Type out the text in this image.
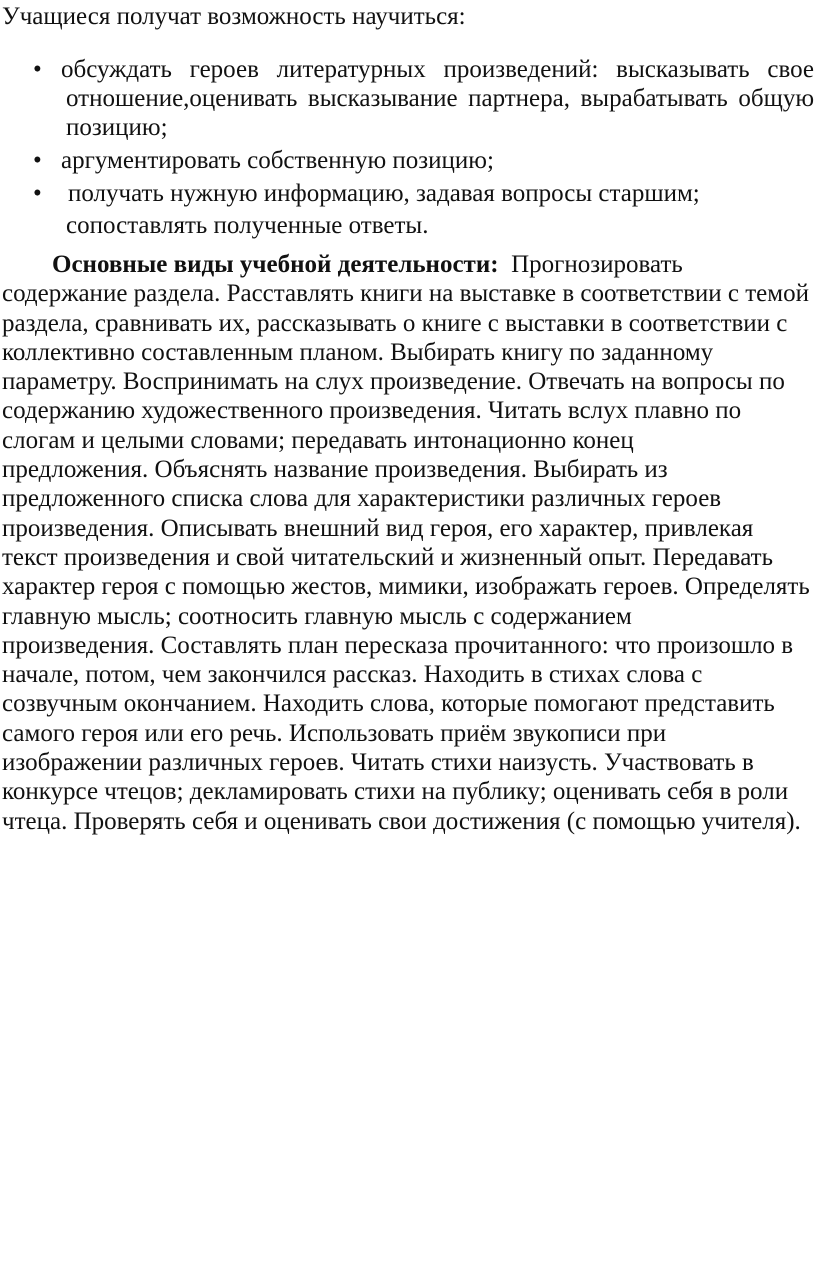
Учащиеся получат возможность научиться:

• обсуждать героев литературных произведений: высказывать свое
отношение,оценивать высказывание партнера, вырабатывать общую
позицию;
• аргументировать собственную позицию;
• получать нужную информацию, задавая вопросы старшим;
сопоставлять полученные ответы.
Основные виды учебной деятельности: Прогнозировать
содержание раздела. Расставлять книги на выставке в соответствии с темой
раздела, сравнивать их, рассказывать о книге с выставки в соответствии с
коллективно составленным планом. Выбирать книгу по заданному
параметру. Воспринимать на слух произведение. Отвечать на вопросы по
содержанию художественного произведения. Читать вслух плавно по
слогам и целыми словами; передавать интонационно конец
предложения. Объяснять название произведения. Выбирать из
предложенного списка слова для характеристики различных героев
произведения. Описывать внешний вид героя, его характер, привлекая
текст произведения и свой читательский и жизненный опыт. Передавать
характер героя с помощью жестов, мимики, изображать героев. Определять
главную мысль; соотносить главную мысль с содержанием
произведения. Составлять план пересказа прочитанного: что произошло в
начале, потом, чем закончился рассказ. Находить в стихах слова с
созвучным окончанием. Находить слова, которые помогают представить
самого героя или его речь. Использовать приём звукописи при
изображении различных героев. Читать стихи наизусть. Участвовать в
конкурсе чтецов; декламировать стихи на публику; оценивать себя в роли
чтеца. Проверять себя и оценивать свои достижения (с помощью учителя).
